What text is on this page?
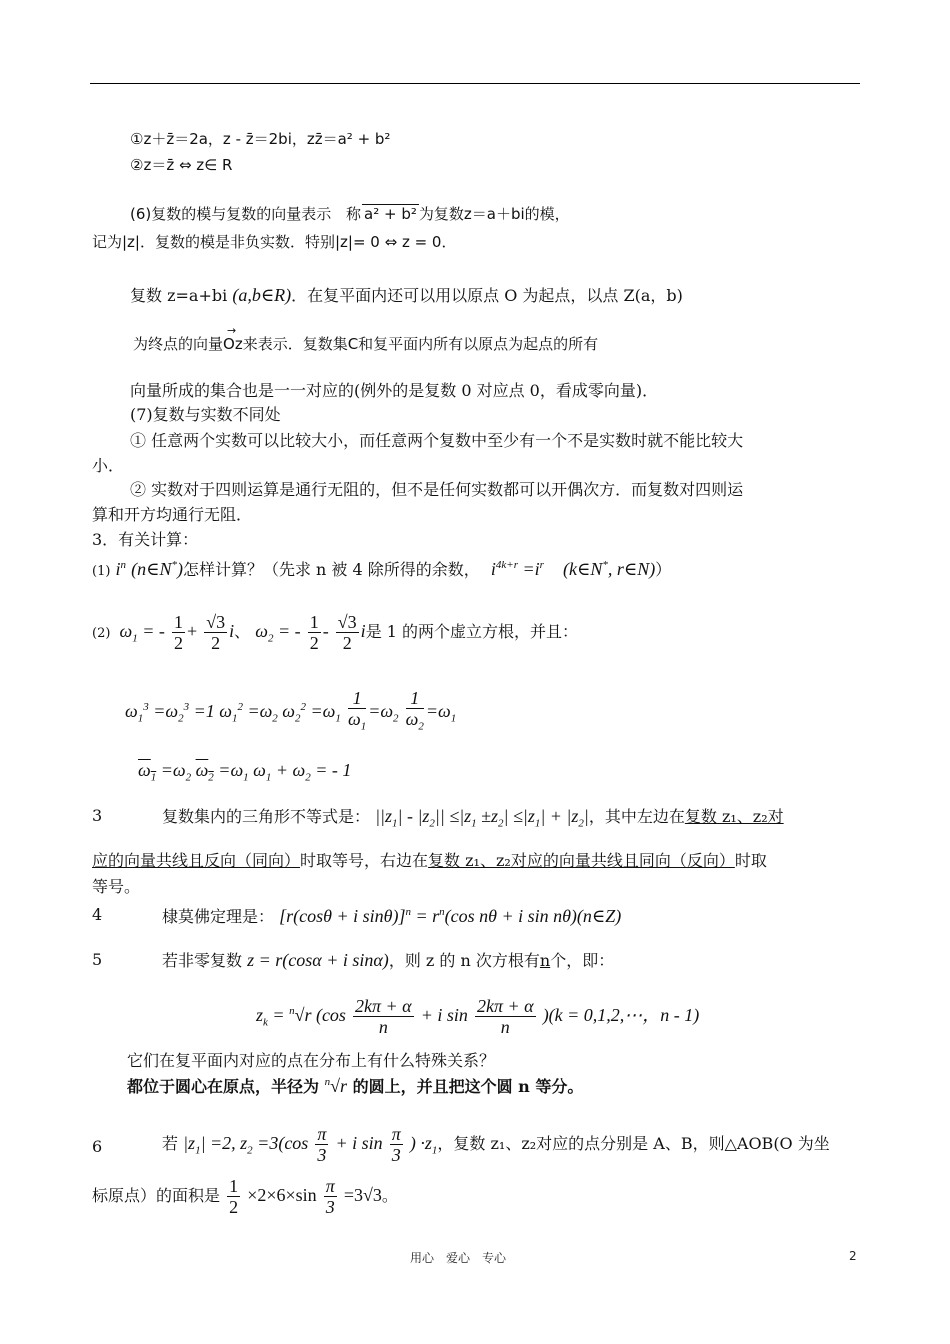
①z＋z̄＝2a，z - z̄＝2bi，zz̄＝a² + b²
②z＝z̄ ⇔ z∈ R
(6)复数的模与复数的向量表示 称 a² + b² 为复数z＝a＋bi的模，
记为|z|．复数的模是非负实数．特别|z|= 0 ⇔ z = 0．
复数 z=a+bi (a,b∈R)．在复平面内还可以用以原点 O 为起点，以点 Z(a，b)
为终点的向量
→
Oz来表示．复数集C和复平面内所有以原点为起点的所有
向量所成的集合也是一一对应的(例外的是复数 0 对应点 0，看成零向量)．
(7)复数与实数不同处
① 任意两个实数可以比较大小，而任意两个复数中至少有一个不是实数时就不能比较大
小．
② 实数对于四则运算是通行无阻的，但不是任何实数都可以开偶次方．而复数对四则运
算和开方均通行无阻．
3．有关计算：
(1) $i^n$ (n∈N*)怎样计算？（先求 n 被 4 除所得的余数， $i^{4k+r} =i^r$ (k∈N*, r∈N)）
(2) $\omega_1$ = - $\frac{1}{2} + \frac{√3}{2}$ i、 $\omega_2$ = - $\frac{1}{2} - \frac{√3}{2}$ i是 1 的两个虚立方根，并且：
$\omega_1^3 =\omega_2^3 =1$ $\omega_1^2 =\omega_2$ $\omega_2^2 =\omega_1 \frac{1}{\omega_1} =\omega_2 \frac{1}{\omega_2} =\omega_1$
$\omega_1 =\omega_2$ $\omega_2 =\omega_1$ $\omega_1 + \omega_2$ = - 1
3	复数集内的三角形不等式是： $||z_1| - |z_2|| \le|z_1 \pm z_2| \le|z_1| + |z_2|$，其中左边在复数 z₁、z₂对
应的向量共线且反向（同向）时取等号，右边在复数 z₁、z₂对应的向量共线且同向（反向）时取
等号。
4	棣莫佛定理是： [r(cosθ + i $\sin\theta)]^n = r^n(\cos$ nθ + i sin nθ)(n∈Z)
5	若非零复数 z = r(cosα + i sinα)，则 z 的 n 次方根有n个，即：
$z_k = ^n√r$ ($\cos \frac{2k\pi + \alpha}{n} + i$ $\sin \frac{2k\pi + \alpha}{n} )(k$ = 0,1,2,⋯，n - 1)
它们在复平面内对应的点在分布上有什么特殊关系？
都位于圆心在原点，半径为 $^n$√r 的圆上，并且把这个圆 n 等分。
6	若 $|z_1| =2$, $z_2 =3(\cos \frac{\pi}{3} + i$ $\sin \frac{\pi}{3}$ ) $\cdot z_1$，复数 z₁、z₂对应的点分别是 A、B，则△AOB(O 为坐
标原点）的面积是 $\frac{1}{2} \times 2\times 6\times\sin \frac{\pi}{3} =3√3$。
用心　爱心　专心	2
